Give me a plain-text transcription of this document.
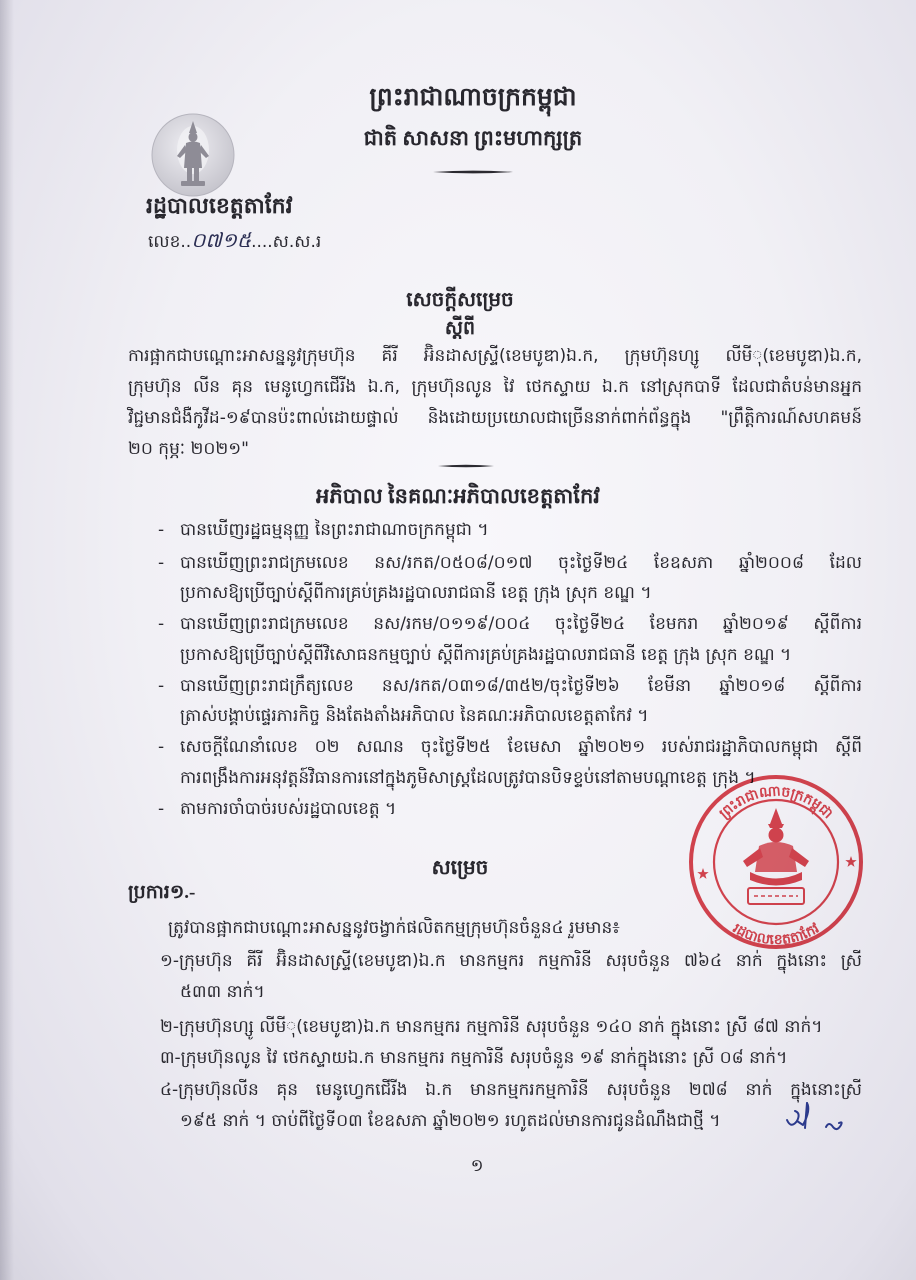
ព្រះរាជាណាចក្រកម្ពុជា
ជាតិ សាសនា ព្រះមហាក្សត្រ
រដ្ឋបាលខេត្តតាកែវ
លេខ..០៧១៥....ស.ស.រ
សេចក្តីសម្រេច
ស្តីពី
ការផ្អាកជាបណ្តោះអាសន្ននូវក្រុមហ៊ុន គីរី អ៊ិនដាសស្ទ្រី(ខេមបូឌា)ឯ.ក, ក្រុមហ៊ុនហ្សូ លីមីុ(ខេមបូឌា)ឯ.ក,
ក្រុមហ៊ុន លីន គុន មេនូហ្វេកជើរីង ឯ.ក, ក្រុមហ៊ុនលូន វៃ ថេកស្ទាយ ឯ.ក នៅស្រុកបាទី ដែលជាតំបន់មានអ្នក
វិជ្ជមានជំងឺកូវីដ-១៩បានប៉ះពាល់ដោយផ្ទាល់ និងដោយប្រយោលជាច្រើននាក់ពាក់ព័ន្ធក្នុង "ព្រឹត្តិការណ៍សហគមន៍
២០ កុម្ភៈ ២០២១"
អភិបាល នៃគណៈអភិបាលខេត្តតាកែវ
- បានឃើញរដ្ឋធម្មនុញ្ញ នៃព្រះរាជាណាចក្រកម្ពុជា ។
- បានឃើញព្រះរាជក្រមលេខ នស/រកត/០៥០៨/០១៧ ចុះថ្ងៃទី២៤ ខែឧសភា ឆ្នាំ២០០៨ ដែល
ប្រកាសឱ្យប្រើច្បាប់ស្តីពីការគ្រប់គ្រងរដ្ឋបាលរាជធានី ខេត្ត ក្រុង ស្រុក ខណ្ឌ ។
- បានឃើញព្រះរាជក្រមលេខ នស/រកម/០១១៩/០០៤ ចុះថ្ងៃទី២៤ ខែមករា ឆ្នាំ២០១៩ ស្តីពីការ
ប្រកាសឱ្យប្រើច្បាប់ស្តីពីវិសោធនកម្មច្បាប់ ស្តីពីការគ្រប់គ្រងរដ្ឋបាលរាជធានី ខេត្ត ក្រុង ស្រុក ខណ្ឌ ។
- បានឃើញព្រះរាជក្រឹត្យលេខ នស/រកត/០៣១៨/៣៥២/ចុះថ្ងៃទី២៦ ខែមីនា ឆ្នាំ២០១៨ ស្តីពីការ
ត្រាស់បង្គាប់ផ្ទេរភារកិច្ច និងតែងតាំងអភិបាល នៃគណៈអភិបាលខេត្តតាកែវ ។
- សេចក្តីណែនាំលេខ ០២ សណន ចុះថ្ងៃទី២៥ ខែមេសា ឆ្នាំ២០២១ របស់រាជរដ្ឋាភិបាលកម្ពុជា ស្តីពី
ការពង្រឹងការអនុវត្តន៍វិធានការនៅក្នុងភូមិសាស្ត្រដែលត្រូវបានបិទខ្ទប់នៅតាមបណ្តាខេត្ត ក្រុង ។
- តាមការចាំបាច់របស់រដ្ឋបាលខេត្ត ។
សម្រេច
ប្រការ១.-
ត្រូវបានផ្អាកជាបណ្តោះអាសន្ននូវចង្វាក់ផលិតកម្មក្រុមហ៊ុនចំនួន៤ រួមមាន៖
១-ក្រុមហ៊ុន គីរី អ៊ិនដាសស្ទ្រី(ខេមបូឌា)ឯ.ក មានកម្មករ កម្មការិនី សរុបចំនួន ៧៦៤ នាក់ ក្នុងនោះ ស្រី
៥៣៣ នាក់។
២-ក្រុមហ៊ុនហ្សូ លីមីុ(ខេមបូឌា)ឯ.ក មានកម្មករ កម្មការិនី សរុបចំនួន ១៤០ នាក់ ក្នុងនោះ ស្រី ៨៧ នាក់។
៣-ក្រុមហ៊ុនលូន វៃ ថេកស្ទាយឯ.ក មានកម្មករ កម្មការិនី សរុបចំនួន ១៩ នាក់ក្នុងនោះ ស្រី ០៨ នាក់។
៤-ក្រុមហ៊ុនលីន គុន មេនូហ្វេកជើរីង ឯ.ក មានកម្មករកម្មការិនី សរុបចំនួន ២៧៨ នាក់ ក្នុងនោះស្រី
១៩៥ នាក់ ។ ចាប់ពីថ្ងៃទី០៣ ខែឧសភា ឆ្នាំ២០២១ រហូតដល់មានការជូនដំណឹងជាថ្មី ។
១
ព្រះរាជាណាចក្រកម្ពុជា
រដ្ឋបាលខេត្តតាកែវ
